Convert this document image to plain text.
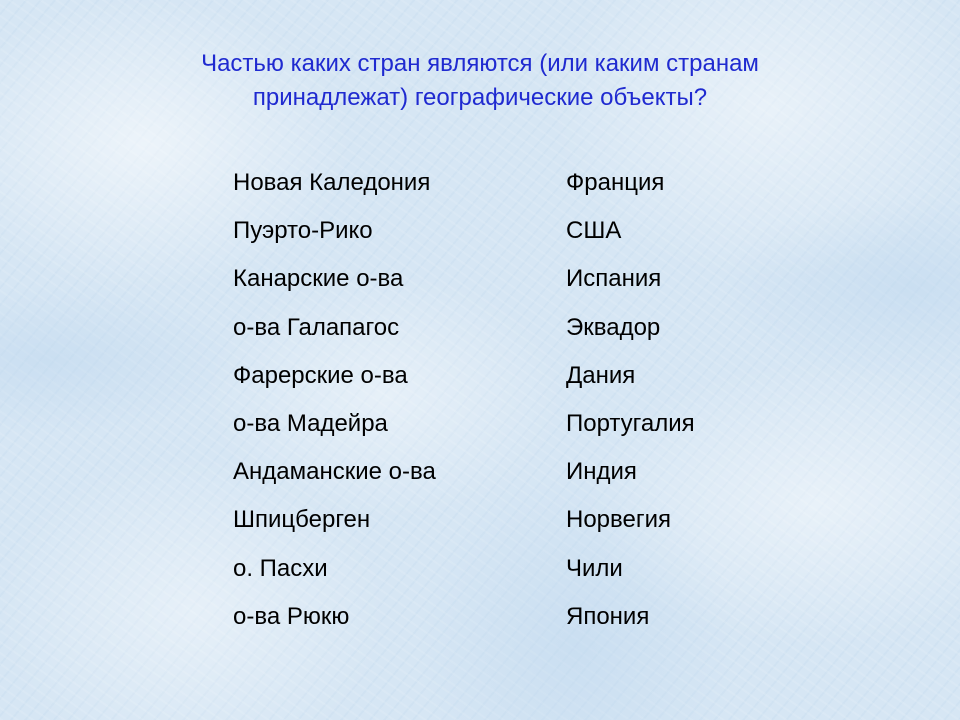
Частью каких стран являются (или каким странам
принадлежат) географические объекты?
Новая Каледония	Франция
Пуэрто-Рико	США
Канарские о-ва	Испания
о-ва Галапагос	Эквадор
Фарерские о-ва	Дания
о-ва Мадейра	Португалия
Андаманские о-ва	Индия
Шпицберген	Норвегия
о. Пасхи	Чили
о-ва Рюкю	Япония
